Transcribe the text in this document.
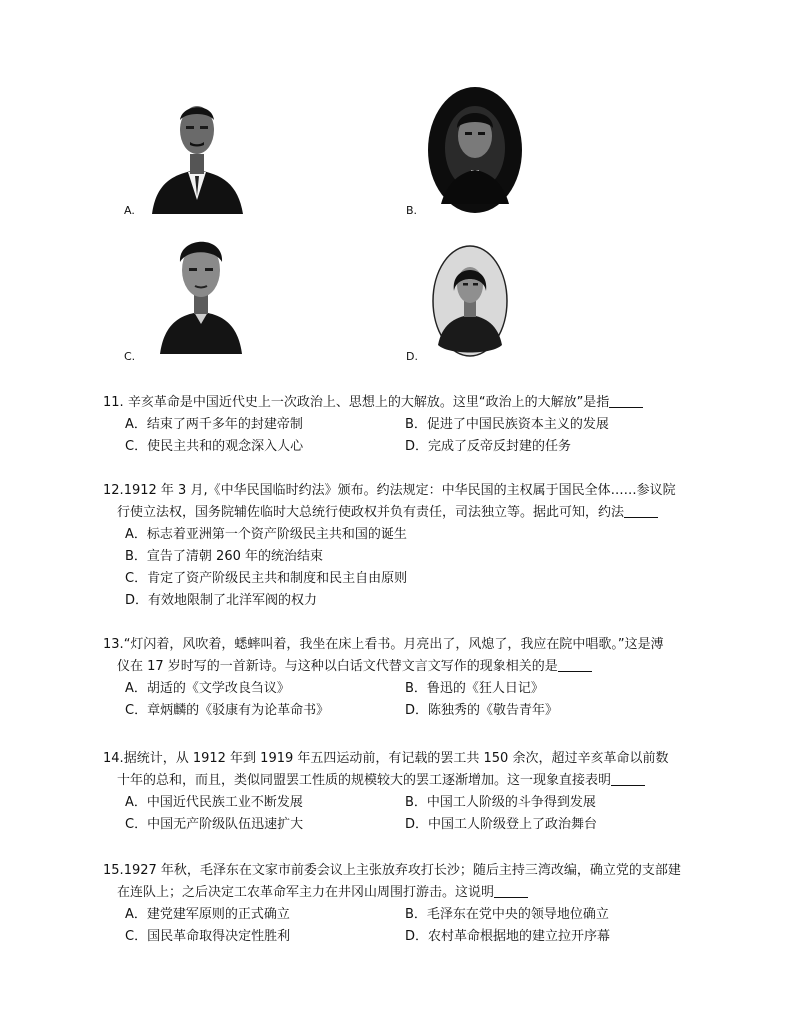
A.	B.
C.	D.

11. 辛亥革命是中国近代史上一次政治上、思想上的大解放。这里“政治上的大解放”是指

A．结束了两千多年的封建帝制	B．促进了中国民族资本主义的发展
C．使民主共和的观念深入人心	D．完成了反帝反封建的任务

12.1912 年 3 月,《中华民国临时约法》颁布。约法规定：中华民国的主权属于国民全体……参议院

行使立法权，国务院辅佐临时大总统行使政权并负有责任，司法独立等。据此可知，约法

A．标志着亚洲第一个资产阶级民主共和国的诞生
B．宣告了清朝 260 年的统治结束
C．肯定了资产阶级民主共和制度和民主自由原则
D．有效地限制了北洋军阀的权力

13.“灯闪着，风吹着，蟋蟀叫着，我坐在床上看书。月亮出了，风熄了，我应在院中唱歌。”这是溥

仪在 17 岁时写的一首新诗。与这种以白话文代替文言文写作的现象相关的是

A．胡适的《文学改良刍议》	B．鲁迅的《狂人日记》
C．章炳麟的《驳康有为论革命书》	D．陈独秀的《敬告青年》

14.据统计，从 1912 年到 1919 年五四运动前，有记载的罢工共 150 余次，超过辛亥革命以前数

十年的总和，而且，类似同盟罢工性质的规模较大的罢工逐渐增加。这一现象直接表明

A．中国近代民族工业不断发展	B．中国工人阶级的斗争得到发展
C．中国无产阶级队伍迅速扩大	D．中国工人阶级登上了政治舞台

15.1927 年秋，毛泽东在文家市前委会议上主张放弃攻打长沙；随后主持三湾改编，确立党的支部建

在连队上；之后决定工农革命军主力在井冈山周围打游击。这说明

A．建党建军原则的正式确立	B．毛泽东在党中央的领导地位确立
C．国民革命取得决定性胜利	D．农村革命根据地的建立拉开序幕
